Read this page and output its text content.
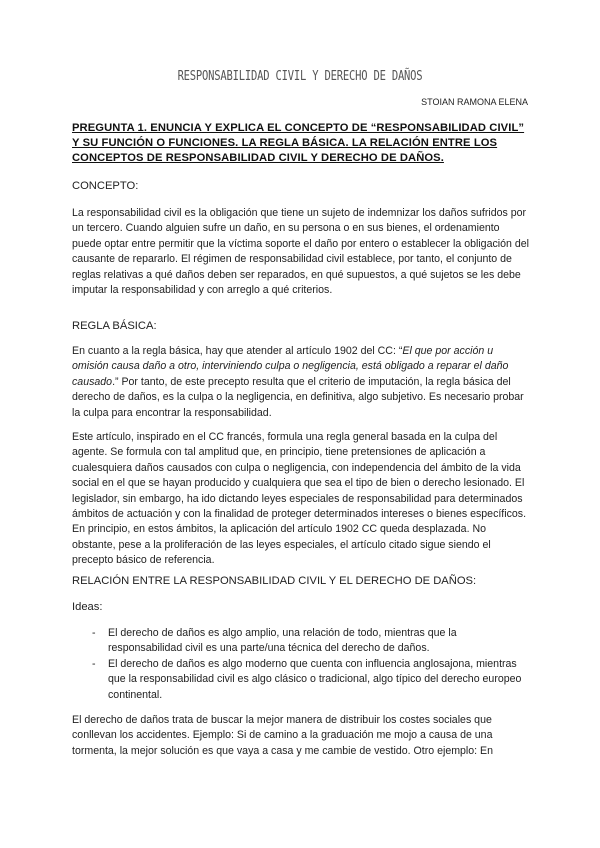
RESPONSABILIDAD CIVIL Y DERECHO DE DAÑOS
STOIAN RAMONA ELENA
PREGUNTA 1. ENUNCIA Y EXPLICA EL CONCEPTO DE “RESPONSABILIDAD CIVIL” Y SU FUNCIÓN O FUNCIONES. LA REGLA BÁSICA. LA RELACIÓN ENTRE LOS CONCEPTOS DE RESPONSABILIDAD CIVIL Y DERECHO DE DAÑOS.
CONCEPTO:
La responsabilidad civil es la obligación que tiene un sujeto de indemnizar los daños sufridos por un tercero. Cuando alguien sufre un daño, en su persona o en sus bienes, el ordenamiento puede optar entre permitir que la víctima soporte el daño por entero o establecer la obligación del causante de repararlo. El régimen de responsabilidad civil establece, por tanto, el conjunto de reglas relativas a qué daños deben ser reparados, en qué supuestos, a qué sujetos se les debe imputar la responsabilidad y con arreglo a qué criterios.
REGLA BÁSICA:
En cuanto a la regla básica, hay que atender al artículo 1902 del CC: “El que por acción u omisión causa daño a otro, interviniendo culpa o negligencia, está obligado a reparar el daño causado.” Por tanto, de este precepto resulta que el criterio de imputación, la regla básica del derecho de daños, es la culpa o la negligencia, en definitiva, algo subjetivo. Es necesario probar la culpa para encontrar la responsabilidad.
Este artículo, inspirado en el CC francés, formula una regla general basada en la culpa del agente. Se formula con tal amplitud que, en principio, tiene pretensiones de aplicación a cualesquiera daños causados con culpa o negligencia, con independencia del ámbito de la vida social en el que se hayan producido y cualquiera que sea el tipo de bien o derecho lesionado. El legislador, sin embargo, ha ido dictando leyes especiales de responsabilidad para determinados ámbitos de actuación y con la finalidad de proteger determinados intereses o bienes específicos. En principio, en estos ámbitos, la aplicación del artículo 1902 CC queda desplazada. No obstante, pese a la proliferación de las leyes especiales, el artículo citado sigue siendo el precepto básico de referencia.
RELACIÓN ENTRE LA RESPONSABILIDAD CIVIL Y EL DERECHO DE DAÑOS:
Ideas:
- El derecho de daños es algo amplio, una relación de todo, mientras que la responsabilidad civil es una parte/una técnica del derecho de daños.
- El derecho de daños es algo moderno que cuenta con influencia anglosajona, mientras que la responsabilidad civil es algo clásico o tradicional, algo típico del derecho europeo continental.
El derecho de daños trata de buscar la mejor manera de distribuir los costes sociales que conllevan los accidentes. Ejemplo: Si de camino a la graduación me mojo a causa de una tormenta, la mejor solución es que vaya a casa y me cambie de vestido. Otro ejemplo: En
